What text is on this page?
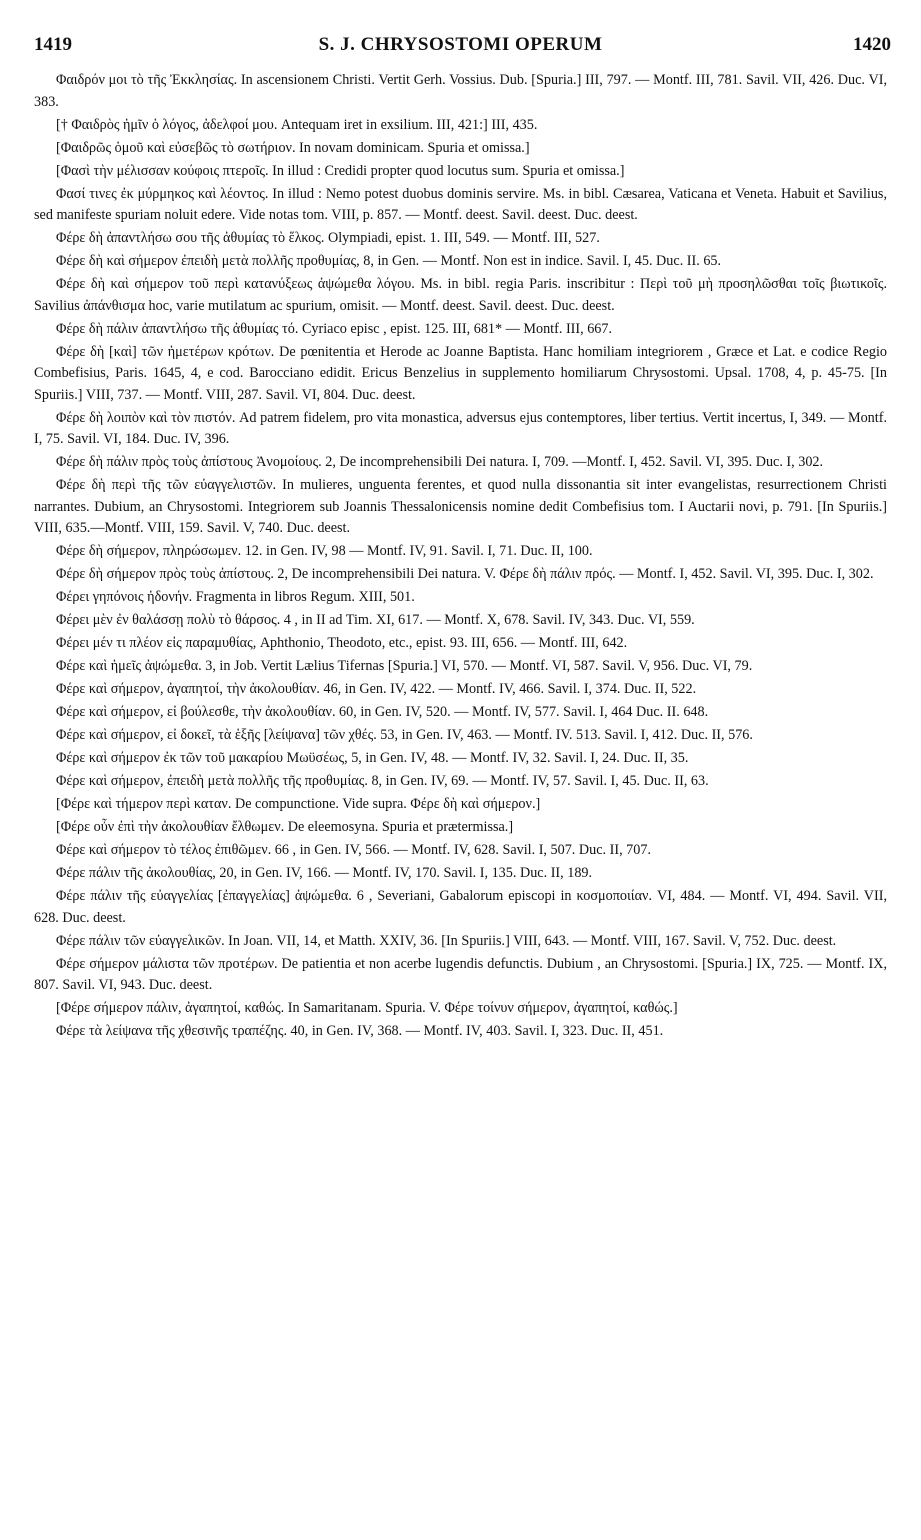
1419	S. J. CHRYSOSTOMI OPERUM	1420

Φαιδρόν μοι τὸ τῆς Ἐκκλησίας. In ascensionem Christi. Vertit Gerh. Vossius. Dub. [Spuria.] III, 797. — Montf. III, 781. Savil. VII, 426. Duc. VI, 383.

[† Φαιδρὸς ἡμῖν ὁ λόγος, ἀδελφοί μου. Antequam iret in exsilium. III, 421:] III, 435.

[Φαιδρῶς ὁμοῦ καὶ εὐσεβῶς τὸ σωτήριον. In novam dominicam. Spuria et omissa.]

[Φασὶ τὴν μέλισσαν κούφοις πτεροῖς. In illud : Credidi propter quod locutus sum. Spuria et omissa.]

Φασί τινες ἐκ μύρμηκος καὶ λέοντος. In illud : Nemo potest duobus dominis servire. Ms. in bibl. Cæsarea, Vaticana et Veneta. Habuit et Savilius, sed manifeste spuriam noluit edere. Vide notas tom. VIII, p. 857. — Montf. deest. Savil. deest. Duc. deest.

Φέρε δὴ ἀπαντλήσω σου τῆς ἀθυμίας τὸ ἕλκος. Olympiadi, epist. 1. III, 549. — Montf. III, 527.

Φέρε δὴ καὶ σήμερον ἐπειδὴ μετὰ πολλῆς προθυμίας, 8, in Gen. — Montf. Non est in indice. Savil. I, 45. Duc. II. 65.

Φέρε δὴ καὶ σήμερον τοῦ περὶ κατανύξεως ἀψώμεθα λόγου. Ms. in bibl. regia Paris. inscribitur : Περὶ τοῦ μὴ προσηλῶσθαι τοῖς βιωτικοῖς. Savilius ἀπάνθισμα hoc, varie mutilatum ac spurium, omisit. — Montf. deest. Savil. deest. Duc. deest.

Φέρε δὴ πάλιν ἀπαντλήσω τῆς ἀθυμίας τό. Cyriaco episc , epist. 125. III, 681* — Montf. III, 667.

Φέρε δὴ [καὶ] τῶν ἡμετέρων κρότων. De pœnitentia et Herode ac Joanne Baptista. Hanc homiliam integriorem , Græce et Lat. e codice Regio Combefisius, Paris. 1645, 4, e cod. Barocciano edidit. Ericus Benzelius in supplemento homiliarum Chrysostomi. Upsal. 1708, 4, p. 45-75. [In Spuriis.] VIII, 737. — Montf. VIII, 287. Savil. VI, 804. Duc. deest.

Φέρε δὴ λοιπὸν καὶ τὸν πιστόν. Ad patrem fidelem, pro vita monastica, adversus ejus contemptores, liber tertius. Vertit incertus, I, 349. — Montf. I, 75. Savil. VI, 184. Duc. IV, 396.

Φέρε δὴ πάλιν πρὸς τοὺς ἀπίστους Ἀνομοίους. 2, De incomprehensibili Dei natura. I, 709. —Montf. I, 452. Savil. VI, 395. Duc. I, 302.

Φέρε δὴ περὶ τῆς τῶν εὐαγγελιστῶν. In mulieres, unguenta ferentes, et quod nulla dissonantia sit inter evangelistas, resurrectionem Christi narrantes. Dubium, an Chrysostomi. Integriorem sub Joannis Thessalonicensis nomine dedit Combefisius tom. I Auctarii novi, p. 791. [In Spuriis.] VIII, 635.—Montf. VIII, 159. Savil. V, 740. Duc. deest.

Φέρε δὴ σήμερον, πληρώσωμεν. 12. in Gen. IV, 98 — Montf. IV, 91. Savil. I, 71. Duc. II, 100.

Φέρε δὴ σήμερον πρὸς τοὺς ἀπίστους. 2, De incomprehensibili Dei natura. V. Φέρε δὴ πάλιν πρός. — Montf. I, 452. Savil. VI, 395. Duc. I, 302.

Φέρει γηπόνοις ἡδονήν. Fragmenta in libros Regum. XIII, 501.

Φέρει μὲν ἐν θαλάσσῃ πολὺ τὸ θάρσος. 4 , in II ad Tim. XI, 617. — Montf. X, 678. Savil. IV, 343. Duc. VI, 559.

Φέρει μέν τι πλέον εἰς παραμυθίας, Aphthonio, Theodoto, etc., epist. 93. III, 656. — Montf. III, 642.

Φέρε καὶ ἡμεῖς ἀψώμεθα. 3, in Job. Vertit Lælius Tifernas [Spuria.] VI, 570. — Montf. VI, 587. Savil. V, 956. Duc. VI, 79.

Φέρε καὶ σήμερον, ἀγαπητοί, τὴν ἀκολουθίαν. 46, in Gen. IV, 422. — Montf. IV, 466. Savil. I, 374. Duc. II, 522.

Φέρε καὶ σήμερον, εἰ βούλεσθε, τὴν ἀκολουθίαν. 60, in Gen. IV, 520. — Montf. IV, 577. Savil. I, 464 Duc. II. 648.

Φέρε καὶ σήμερον, εἰ δοκεῖ, τὰ ἑξῆς [λείψανα] τῶν χθές. 53, in Gen. IV, 463. — Montf. IV. 513. Savil. I, 412. Duc. II, 576.

Φέρε καὶ σήμερον ἐκ τῶν τοῦ μακαρίου Μωϋσέως, 5, in Gen. IV, 48. — Montf. IV, 32. Savil. I, 24. Duc. II, 35.

Φέρε καὶ σήμερον, ἐπειδὴ μετὰ πολλῆς τῆς προθυμίας. 8, in Gen. IV, 69. — Montf. IV, 57. Savil. I, 45. Duc. II, 63.

[Φέρε καὶ τήμερον περὶ καταν. De compunctione. Vide supra. Φέρε δὴ καὶ σήμερον.]

[Φέρε οὖν ἐπὶ τὴν ἀκολουθίαν ἔλθωμεν. De eleemosyna. Spuria et prætermissa.]

Φέρε καὶ σήμερον τὸ τέλος ἐπιθῶμεν. 66 , in Gen. IV, 566. — Montf. IV, 628. Savil. I, 507. Duc. II, 707.

Φέρε πάλιν τῆς ἀκολουθίας, 20, in Gen. IV, 166. — Montf. IV, 170. Savil. I, 135. Duc. II, 189.

Φέρε πάλιν τῆς εὐαγγελίας [ἐπαγγελίας] ἀψώμεθα. 6 , Severiani, Gabalorum episcopi in κοσμοποιίαν. VI, 484. — Montf. VI, 494. Savil. VII, 628. Duc. deest.

Φέρε πάλιν τῶν εὐαγγελικῶν. In Joan. VII, 14, et Matth. XXIV, 36. [In Spuriis.] VIII, 643. — Montf. VIII, 167. Savil. V, 752. Duc. deest.

Φέρε σήμερον μάλιστα τῶν προτέρων. De patientia et non acerbe lugendis defunctis. Dubium , an Chrysostomi. [Spuria.] IX, 725. — Montf. IX, 807. Savil. VI, 943. Duc. deest.

[Φέρε σήμερον πάλιν, ἀγαπητοί, καθώς. In Samaritanam. Spuria. V. Φέρε τοίνυν σήμερον, ἀγαπητοί, καθώς.]

Φέρε τὰ λείψανα τῆς χθεσινῆς τραπέζης. 40, in Gen. IV, 368. — Montf. IV, 403. Savil. I, 323. Duc. II, 451.
